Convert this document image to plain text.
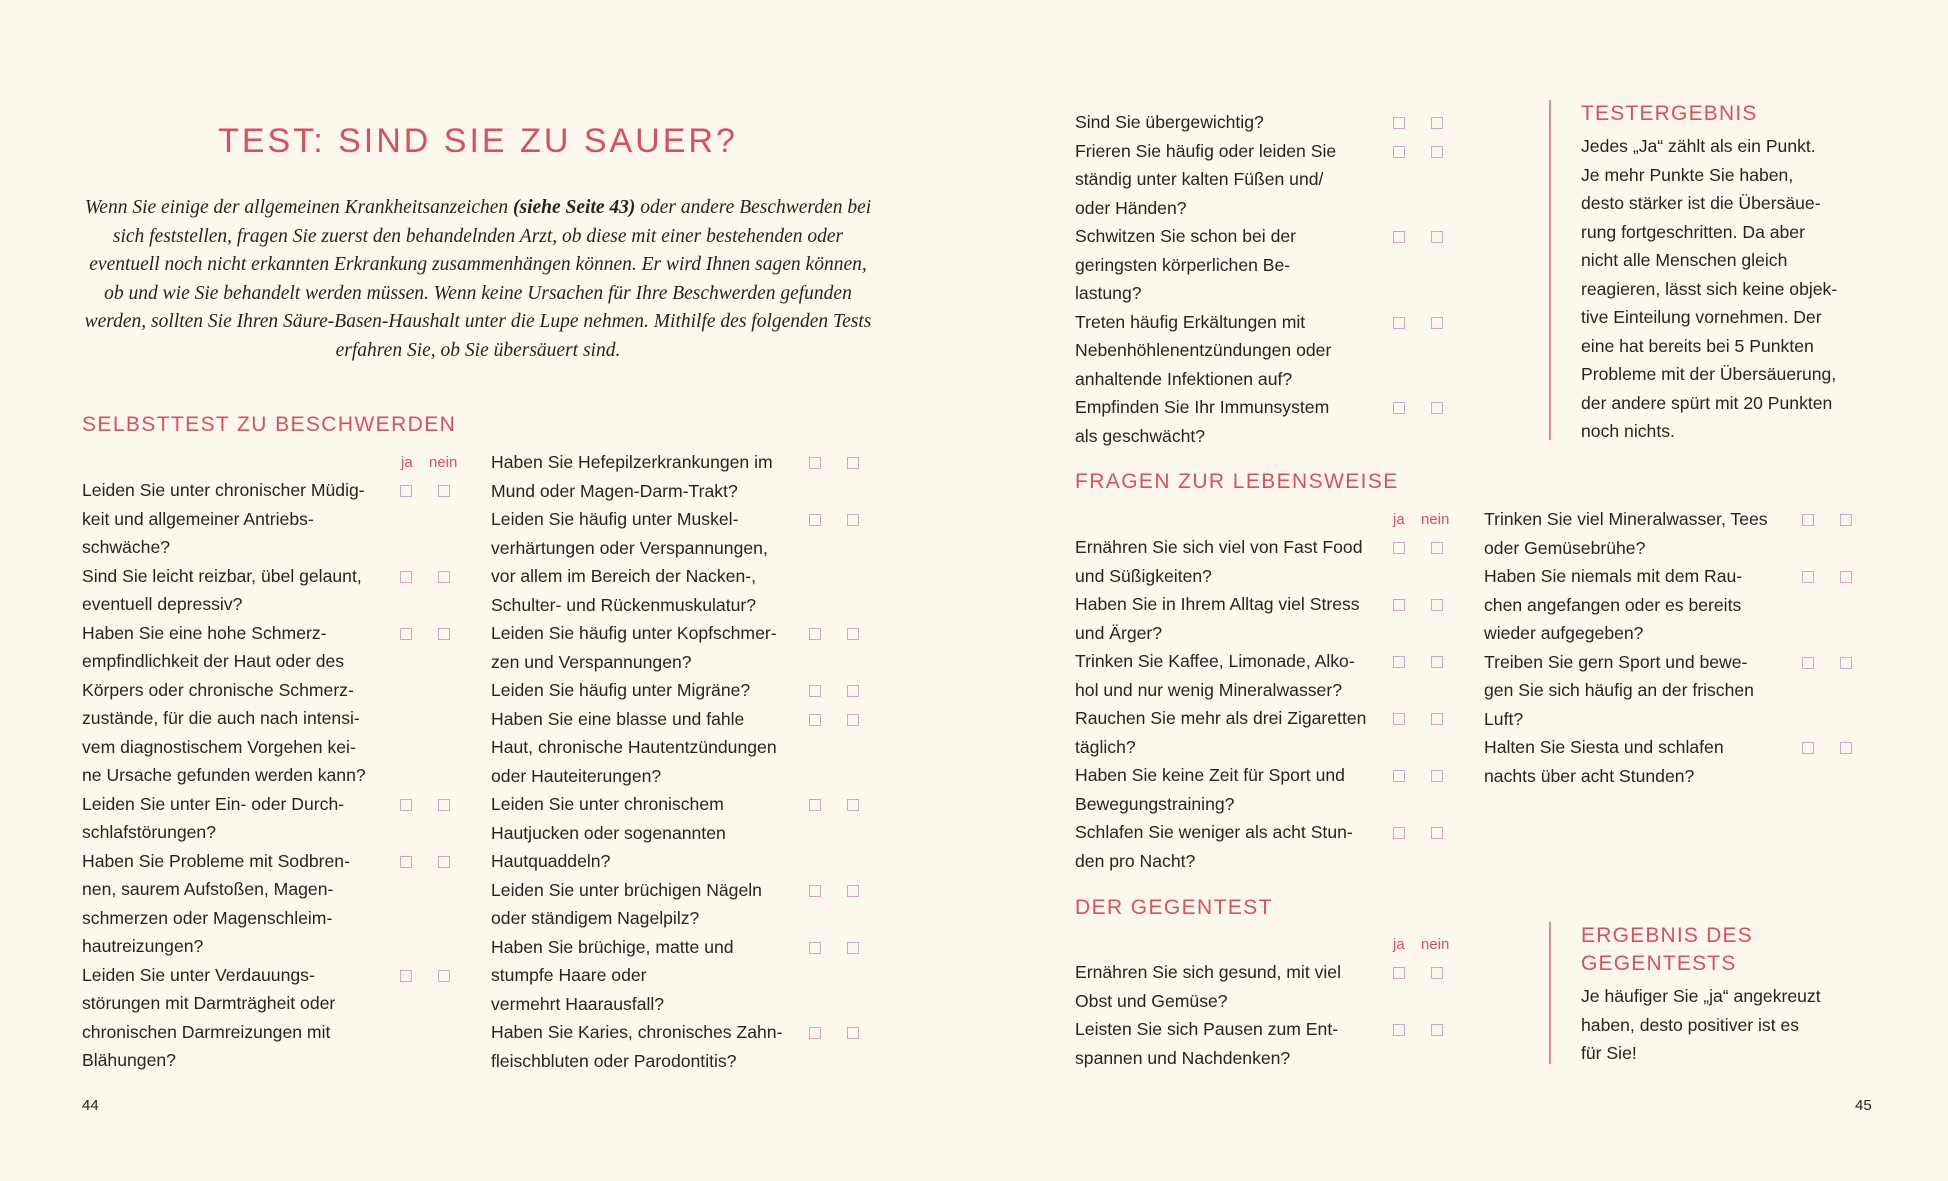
TEST: SIND SIE ZU SAUER?

Wenn Sie einige der allgemeinen Krankheitsanzeichen (siehe Seite 43) oder andere Beschwerden bei sich feststellen, fragen Sie zuerst den behandelnden Arzt, ob diese mit einer bestehenden oder eventuell noch nicht erkannten Erkrankung zusammenhängen können. Er wird Ihnen sagen können, ob und wie Sie behandelt werden müssen. Wenn keine Ursachen für Ihre Beschwerden gefunden werden, sollten Sie Ihren Säure-Basen-Haushalt unter die Lupe nehmen. Mithilfe des folgenden Tests erfahren Sie, ob Sie übersäuert sind.

SELBSTTEST ZU BESCHWERDEN
ja nein
Leiden Sie unter chronischer Müdig-
keit und allgemeiner Antriebs-
schwäche?
Sind Sie leicht reizbar, übel gelaunt,
eventuell depressiv?
Haben Sie eine hohe Schmerz-
empfindlichkeit der Haut oder des
Körpers oder chronische Schmerz-
zustände, für die auch nach intensi-
vem diagnostischem Vorgehen kei-
ne Ursache gefunden werden kann?
Leiden Sie unter Ein- oder Durch-
schlafstörungen?
Haben Sie Probleme mit Sodbren-
nen, saurem Aufstoßen, Magen-
schmerzen oder Magenschleim-
hautreizungen?
Leiden Sie unter Verdauungs-
störungen mit Darmträgheit oder
chronischen Darmreizungen mit
Blähungen?
Haben Sie Hefepilzerkrankungen im
Mund oder Magen-Darm-Trakt?
Leiden Sie häufig unter Muskel-
verhärtungen oder Verspannungen,
vor allem im Bereich der Nacken-,
Schulter- und Rückenmuskulatur?
Leiden Sie häufig unter Kopfschmer-
zen und Verspannungen?
Leiden Sie häufig unter Migräne?
Haben Sie eine blasse und fahle
Haut, chronische Hautentzündungen
oder Hauteiterungen?
Leiden Sie unter chronischem
Hautjucken oder sogenannten
Hautquaddeln?
Leiden Sie unter brüchigen Nägeln
oder ständigem Nagelpilz?
Haben Sie brüchige, matte und
stumpfe Haare oder
vermehrt Haarausfall?
Haben Sie Karies, chronisches Zahn-
fleischbluten oder Parodontitis?
44
Sind Sie übergewichtig?
Frieren Sie häufig oder leiden Sie
ständig unter kalten Füßen und/
oder Händen?
Schwitzen Sie schon bei der
geringsten körperlichen Be-
lastung?
Treten häufig Erkältungen mit
Nebenhöhlenentzündungen oder
anhaltende Infektionen auf?
Empfinden Sie Ihr Immunsystem
als geschwächt?
TESTERGEBNIS

Jedes „Ja“ zählt als ein Punkt.
Je mehr Punkte Sie haben,
desto stärker ist die Übersäue-
rung fortgeschritten. Da aber
nicht alle Menschen gleich
reagieren, lässt sich keine objek-
tive Einteilung vornehmen. Der
eine hat bereits bei 5 Punkten
Probleme mit der Übersäuerung,
der andere spürt mit 20 Punkten
noch nichts.

FRAGEN ZUR LEBENSWEISE
ja nein
Ernähren Sie sich viel von Fast Food
und Süßigkeiten?
Haben Sie in Ihrem Alltag viel Stress
und Ärger?
Trinken Sie Kaffee, Limonade, Alko-
hol und nur wenig Mineralwasser?
Rauchen Sie mehr als drei Zigaretten
täglich?
Haben Sie keine Zeit für Sport und
Bewegungstraining?
Schlafen Sie weniger als acht Stun-
den pro Nacht?
Trinken Sie viel Mineralwasser, Tees
oder Gemüsebrühe?
Haben Sie niemals mit dem Rau-
chen angefangen oder es bereits
wieder aufgegeben?
Treiben Sie gern Sport und bewe-
gen Sie sich häufig an der frischen
Luft?
Halten Sie Siesta und schlafen
nachts über acht Stunden?
DER GEGENTEST
ja nein
Ernähren Sie sich gesund, mit viel
Obst und Gemüse?
Leisten Sie sich Pausen zum Ent-
spannen und Nachdenken?
ERGEBNIS DES
GEGENTESTS

Je häufiger Sie „ja“ angekreuzt
haben, desto positiver ist es
für Sie!

45
